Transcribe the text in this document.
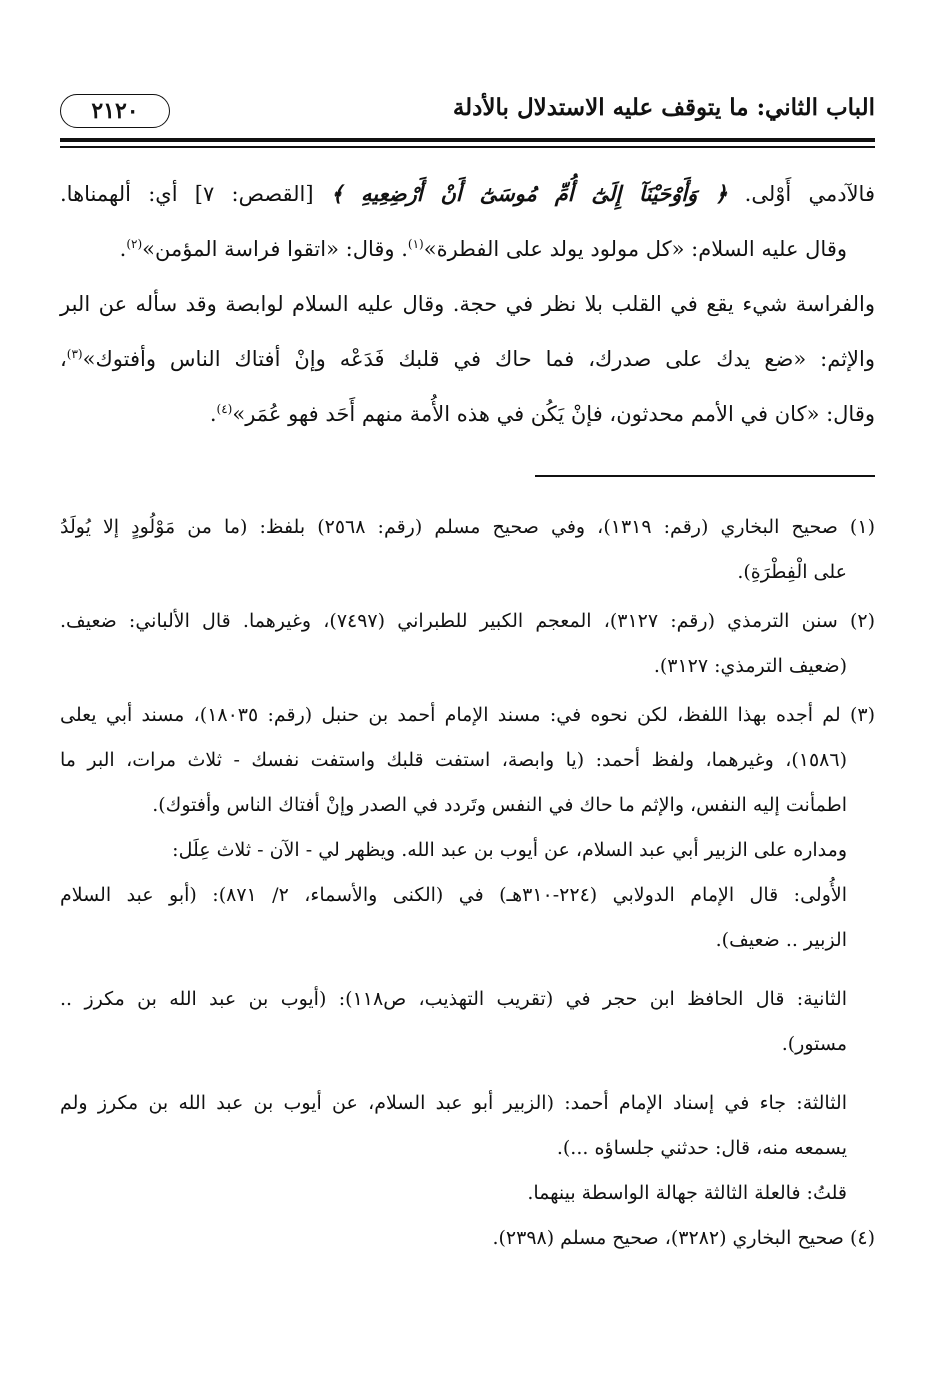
الباب الثاني: ما يتوقف عليه الاستدلال بالأدلة
٢١٢٠
فالآدمي أَوْلى. ﴿ وَأَوْحَيْنَآ إِلَىٰٓ أُمِّ مُوسَىٰٓ أَنْ أَرْضِعِيهِ ﴾ [القصص: ٧] أي: ألهمناها.
وقال عليه السلام: «كل مولود يولد على الفطرة»$^{(١)}$. وقال: «اتقوا فراسة المؤمن»$^{(٢)}$.
والفراسة شيء يقع في القلب بلا نظر في حجة. وقال عليه السلام لوابصة وقد سأله عن البر
والإثم: «ضع يدك على صدرك، فما حاك في قلبك فَدَعْه وإنْ أفتاك الناس وأفتوك»$^{(٣)}$،
وقال: «كان في الأمم محدثون، فإنْ يَكُن في هذه الأُمة منهم أَحَد فهو عُمَر»$^{(٤)}$.
(١) صحيح البخاري (رقم: ١٣١٩)، وفي صحيح مسلم (رقم: ٢٥٦٨) بلفظ: (ما من مَوْلُودٍ إلا يُولَدُ
على الْفِطْرَةِ).
(٢) سنن الترمذي (رقم: ٣١٢٧)، المعجم الكبير للطبراني (٧٤٩٧)، وغيرهما. قال الألباني: ضعيف.
(ضعيف الترمذي: ٣١٢٧).
(٣) لم أجده بهذا اللفظ، لكن نحوه في: مسند الإمام أحمد بن حنبل (رقم: ١٨٠٣٥)، مسند أبي يعلى
(١٥٨٦)، وغيرهما، ولفظ أحمد: (يا وابصة، استفت قلبك واستفت نفسك - ثلاث مرات، البر ما
اطمأنت إليه النفس، والإثم ما حاك في النفس وتَردد في الصدر وإنْ أفتاك الناس وأفتوك).
ومداره على الزبير أبي عبد السلام، عن أيوب بن عبد الله. ويظهر لي - الآن - ثلاث عِلَل:
الأُولى: قال الإمام الدولابي (٢٢٤-٣١٠هـ) في (الكنى والأسماء، ٢/ ٨٧١): (أبو عبد السلام
الزبير .. ضعيف).
الثانية: قال الحافظ ابن حجر في (تقريب التهذيب، ص١١٨): (أيوب بن عبد الله بن مكرز ..
مستور).
الثالثة: جاء في إسناد الإمام أحمد: (الزبير أبو عبد السلام، عن أيوب بن عبد الله بن مكرز ولم
يسمعه منه، قال: حدثني جلساؤه ...).
قلتُ: فالعلة الثالثة جهالة الواسطة بينهما.
(٤) صحيح البخاري (٣٢٨٢)، صحيح مسلم (٢٣٩٨).
